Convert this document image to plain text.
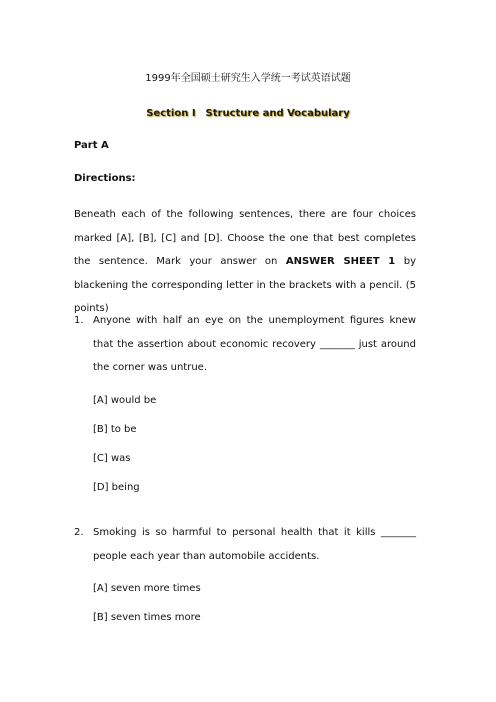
1999年全国硕士研究生入学统一考试英语试题
Section I Structure and Vocabulary
Part A
Directions:

Beneath each of the following sentences, there are four choices marked [A], [B], [C] and [D]. Choose the one that best completes the sentence. Mark your answer on ANSWER SHEET 1 by blackening the corresponding letter in the brackets with a pencil. (5 points)

1. Anyone with half an eye on the unemployment figures knew that the assertion about economic recovery _______ just around the corner was untrue.
[A] would be
[B] to be
[C] was
[D] being
2. Smoking is so harmful to personal health that it kills _______ people each year than automobile accidents.
[A] seven more times
[B] seven times more
